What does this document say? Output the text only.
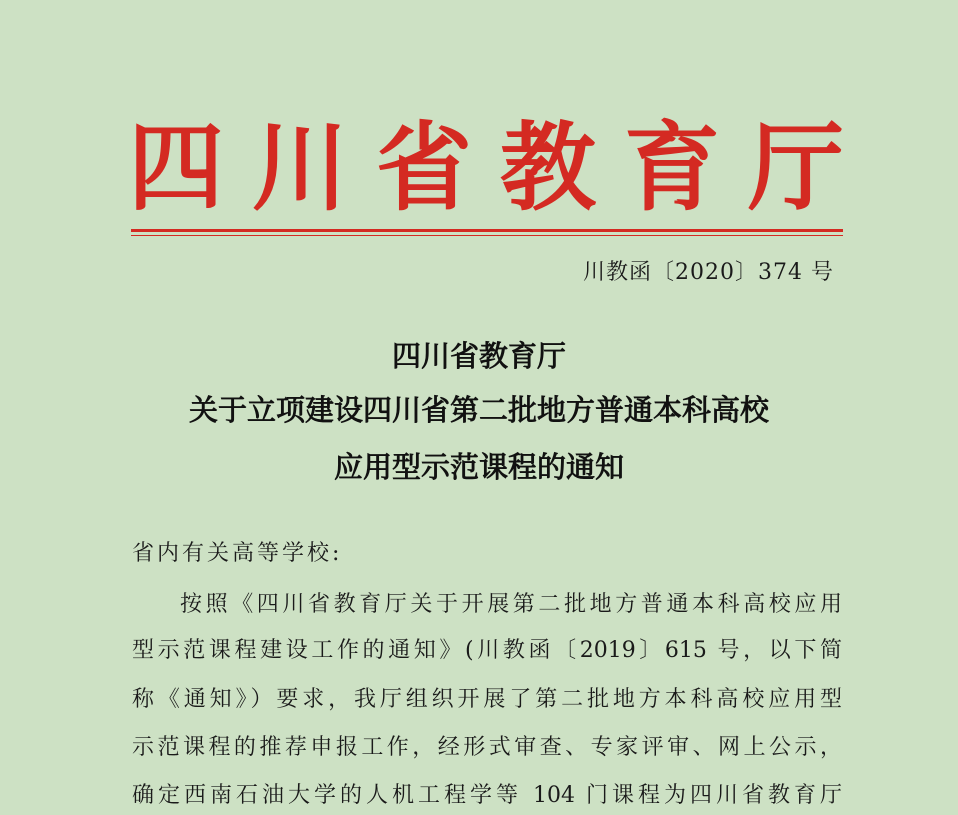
四 川 省 教 育 厅
川教函〔2020〕374 号
四川省教育厅
关于立项建设四川省第二批地方普通本科高校
应用型示范课程的通知
省内有关高等学校:
按照《四川省教育厅关于开展第二批地方普通本科高校应用
型示范课程建设工作的通知》(川教函〔2019〕615 号，以下简
称《通知》）要求，我厅组织开展了第二批地方本科高校应用型
示范课程的推荐申报工作，经形式审查、专家评审、网上公示，
确定西南石油大学的人机工程学等 104 门课程为四川省教育厅
